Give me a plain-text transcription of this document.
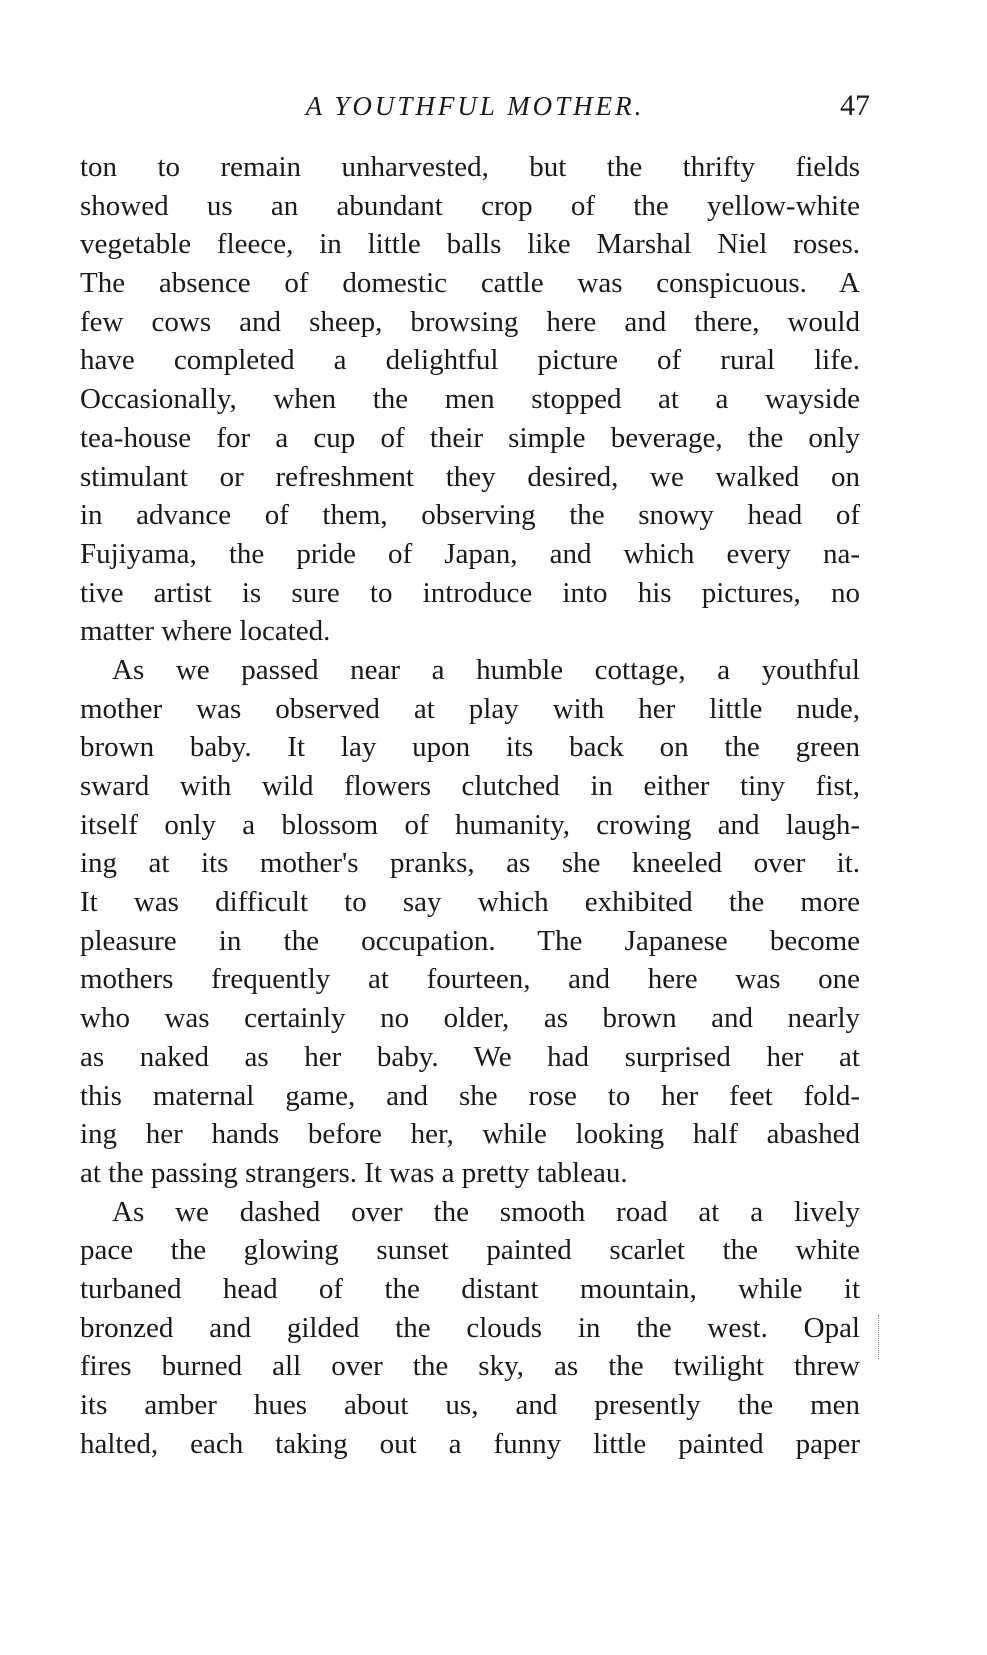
A YOUTHFUL MOTHER.	47
ton to remain unharvested, but the thrifty fields
showed us an abundant crop of the yellow-white
vegetable fleece, in little balls like Marshal Niel roses.
The absence of domestic cattle was conspicuous. A
few cows and sheep, browsing here and there, would
have completed a delightful picture of rural life.
Occasionally, when the men stopped at a wayside
tea-house for a cup of their simple beverage, the only
stimulant or refreshment they desired, we walked on
in advance of them, observing the snowy head of
Fujiyama, the pride of Japan, and which every na-
tive artist is sure to introduce into his pictures, no
matter where located.
As we passed near a humble cottage, a youthful
mother was observed at play with her little nude,
brown baby. It lay upon its back on the green
sward with wild flowers clutched in either tiny fist,
itself only a blossom of humanity, crowing and laugh-
ing at its mother's pranks, as she kneeled over it.
It was difficult to say which exhibited the more
pleasure in the occupation. The Japanese become
mothers frequently at fourteen, and here was one
who was certainly no older, as brown and nearly
as naked as her baby. We had surprised her at
this maternal game, and she rose to her feet fold-
ing her hands before her, while looking half abashed
at the passing strangers. It was a pretty tableau.
As we dashed over the smooth road at a lively
pace the glowing sunset painted scarlet the white
turbaned head of the distant mountain, while it
bronzed and gilded the clouds in the west. Opal
fires burned all over the sky, as the twilight threw
its amber hues about us, and presently the men
halted, each taking out a funny little painted paper
